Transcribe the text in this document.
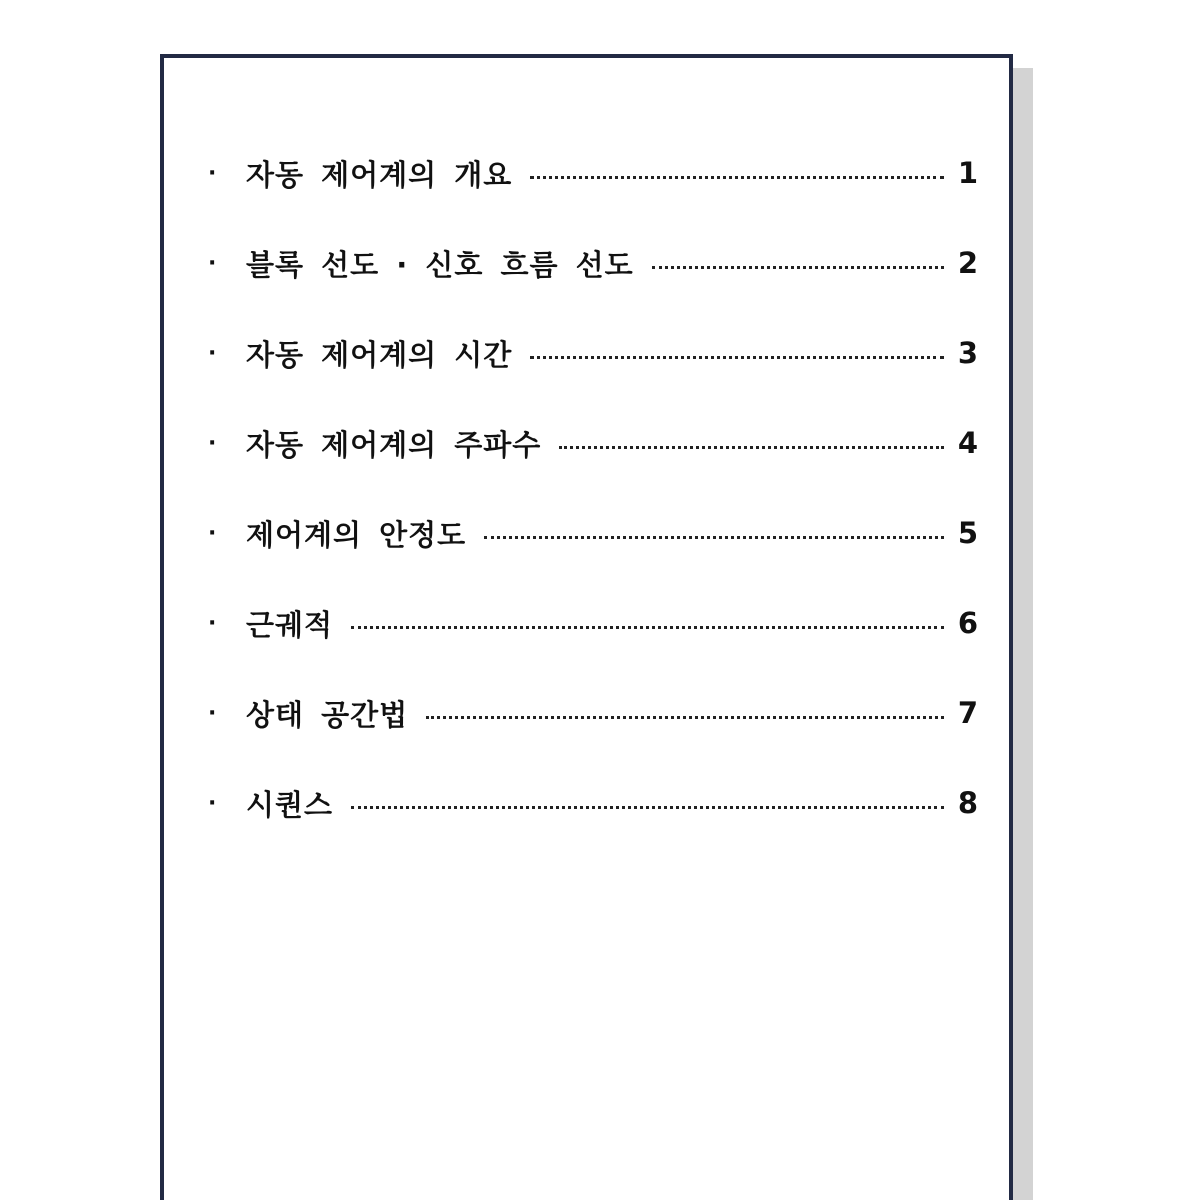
·	자동 제어계의 개요	1
·	블록 선도 · 신호 흐름 선도	2
·	자동 제어계의 시간	3
·	자동 제어계의 주파수	4
·	제어계의 안정도	5
·	근궤적	6
·	상태 공간법	7
·	시퀀스	8
